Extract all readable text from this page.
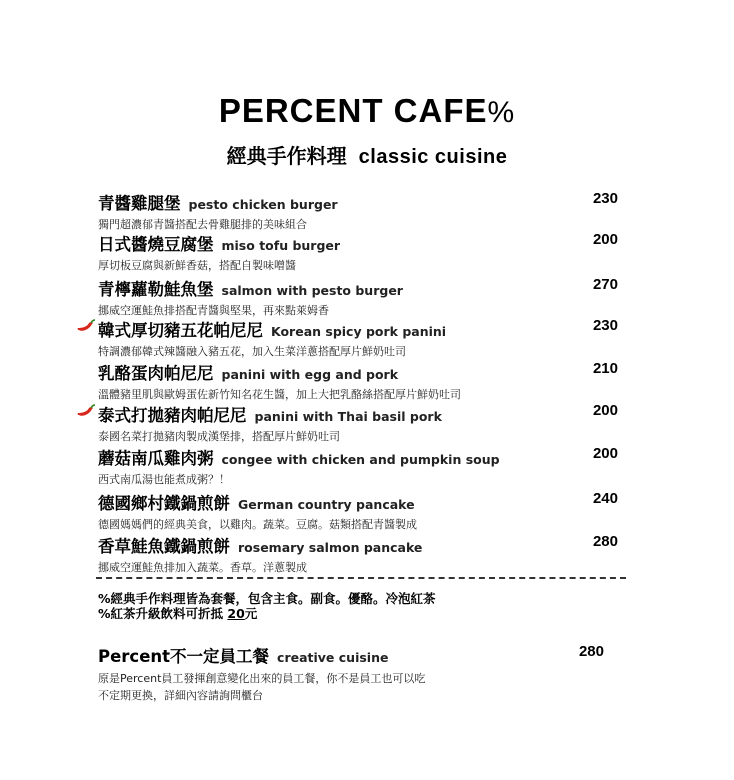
PERCENT CAFE%
經典手作料理 classic cuisine
青醬雞腿堡 pesto chicken burger	230
獨門超濃郁青醬搭配去骨雞腿排的美味組合
日式醬燒豆腐堡 miso tofu burger	200
厚切板豆腐與新鮮香菇，搭配自製味噌醬
青檸蘿勒鮭魚堡 salmon with pesto burger	270
挪威空運鮭魚排搭配青醬與堅果，再來點萊姆香
韓式厚切豬五花帕尼尼 Korean spicy pork panini	230
特調濃郁韓式辣醬融入豬五花，加入生菜洋蔥搭配厚片鮮奶吐司
乳酪蛋肉帕尼尼 panini with egg and pork	210
溫體豬里肌與歐姆蛋佐新竹知名花生醬，加上大把乳酪絲搭配厚片鮮奶吐司
泰式打拋豬肉帕尼尼 panini with Thai basil pork	200
泰國名菜打拋豬肉製成漢堡排，搭配厚片鮮奶吐司
蘑菇南瓜雞肉粥 congee with chicken and pumpkin soup	200
西式南瓜湯也能煮成粥？！
德國鄉村鐵鍋煎餅 German country pancake	240
德國媽媽們的經典美食，以雞肉。蔬菜。豆腐。菇類搭配青醬製成
香草鮭魚鐵鍋煎餅 rosemary salmon pancake	280
挪威空運鮭魚排加入蔬菜。香草。洋蔥製成
%經典手作料理皆為套餐，包含主食。副食。優酪。冷泡紅茶
%紅茶升級飲料可折抵 20元
Percent不一定員工餐 creative cuisine	280
原是Percent員工發揮創意變化出來的員工餐，你不是員工也可以吃
不定期更換，詳細內容請詢問櫃台
